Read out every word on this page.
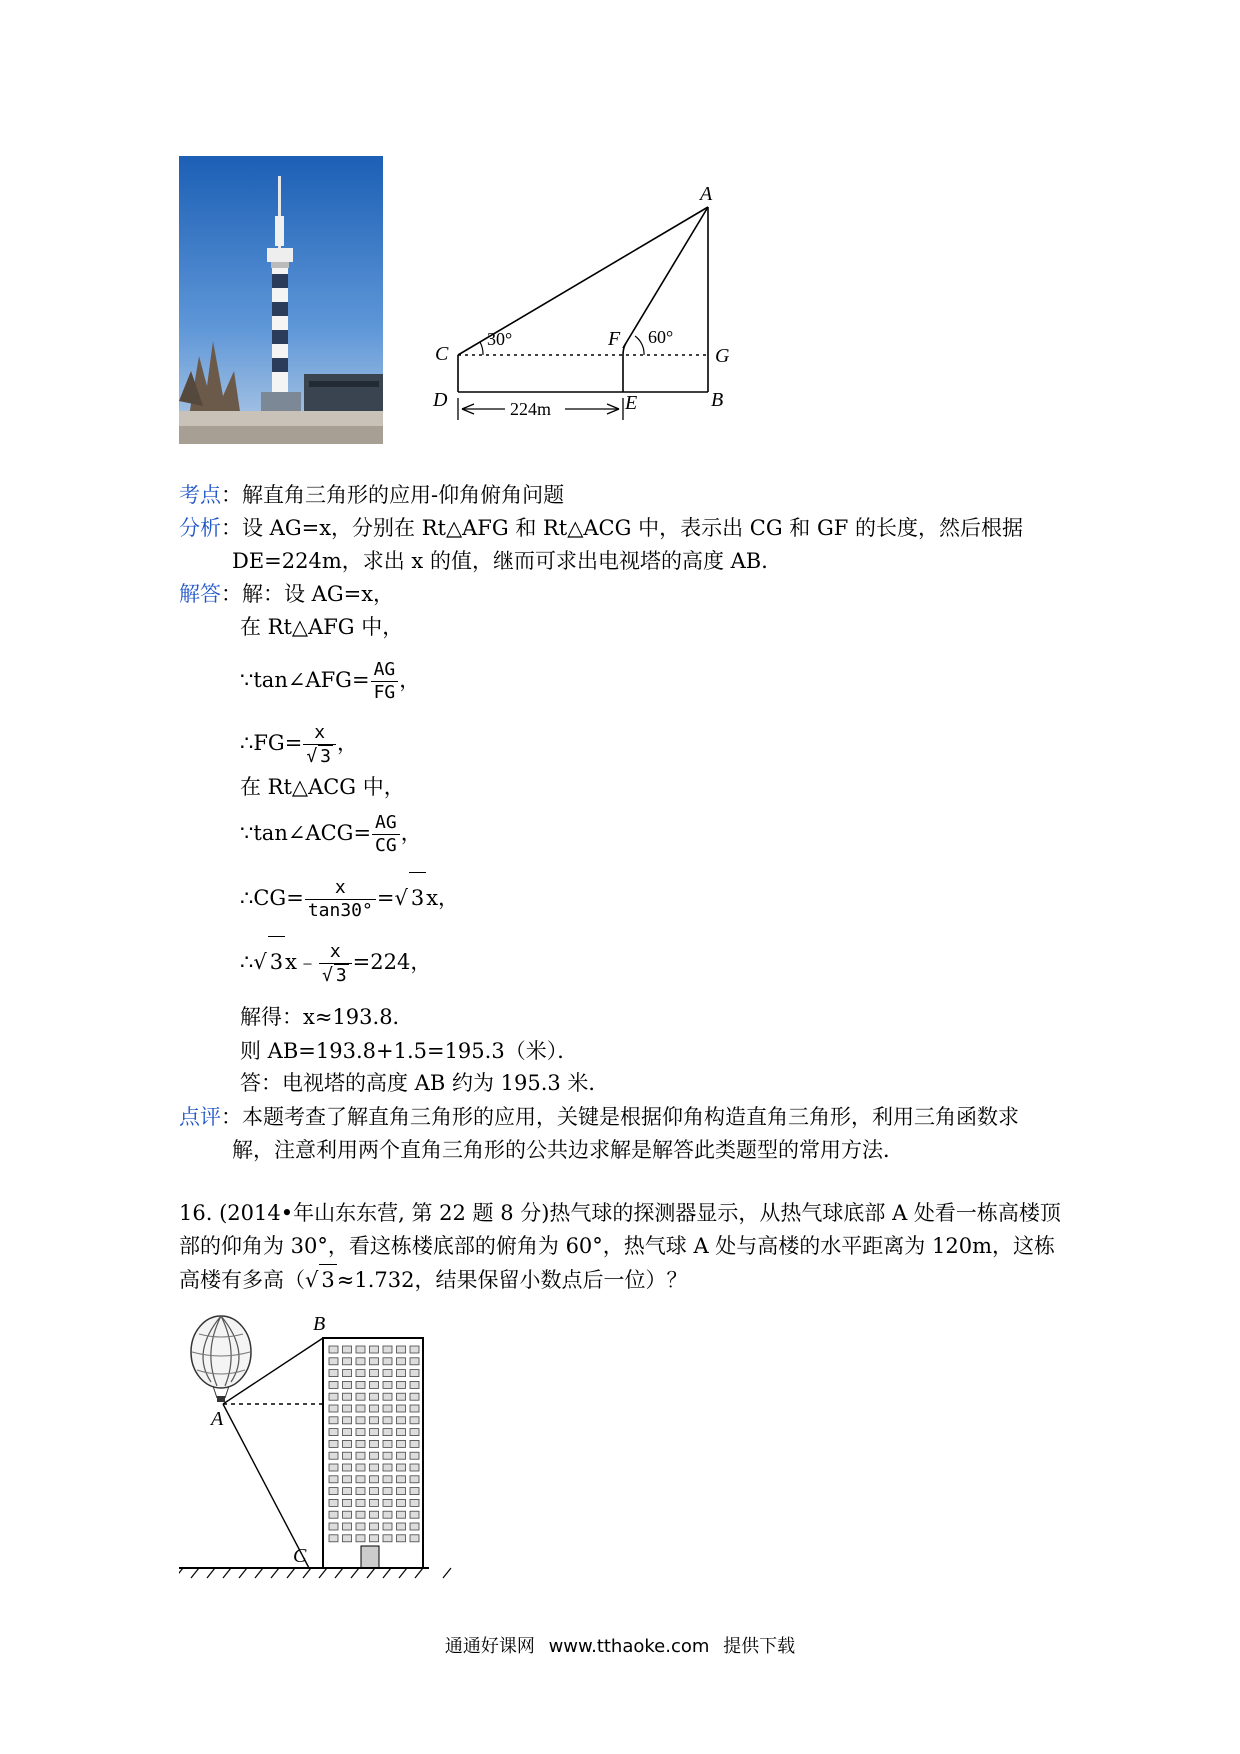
A
C
F
G
D	E	B
30°	60°
224m
考点：解直角三角形的应用-仰角俯角问题
分析：设 AG=x，分别在 Rt△AFG 和 Rt△ACG 中，表示出 CG 和 GF 的长度，然后根据
DE=224m，求出 x 的值，继而可求出电视塔的高度 AB．
解答：解：设 AG=x，
在 Rt△AFG 中，
∵tan∠AFG= $\frac{AG}{FG}$ ，
∴FG= $\frac{x}{√ 3}$ ，
在 Rt△ACG 中，
∵tan∠ACG= $\frac{AG}{CG}$ ，
∴CG= $\frac{x}{\tan 30^\circ}$ =√ 3x，
∴√ 3x﹣ $\frac{x}{√ 3} =224$，
解得：x≈193.8．
则 AB=193.8+1.5=195.3（米）．
答：电视塔的高度 AB 约为 195.3 米．
点评：本题考查了解直角三角形的应用，关键是根据仰角构造直角三角形，利用三角函数求
解，注意利用两个直角三角形的公共边求解是解答此类题型的常用方法．
16. (2014•年山东东营, 第 22 题 8 分)热气球的探测器显示，从热气球底部 A 处看一栋高楼顶
部的仰角为 30°，看这栋楼底部的俯角为 60°，热气球 A 处与高楼的水平距离为 120m，这栋
高楼有多高（√ 3≈1.732，结果保留小数点后一位）？
A
B
C
通通好课网 www.tthaoke.com 提供下载
